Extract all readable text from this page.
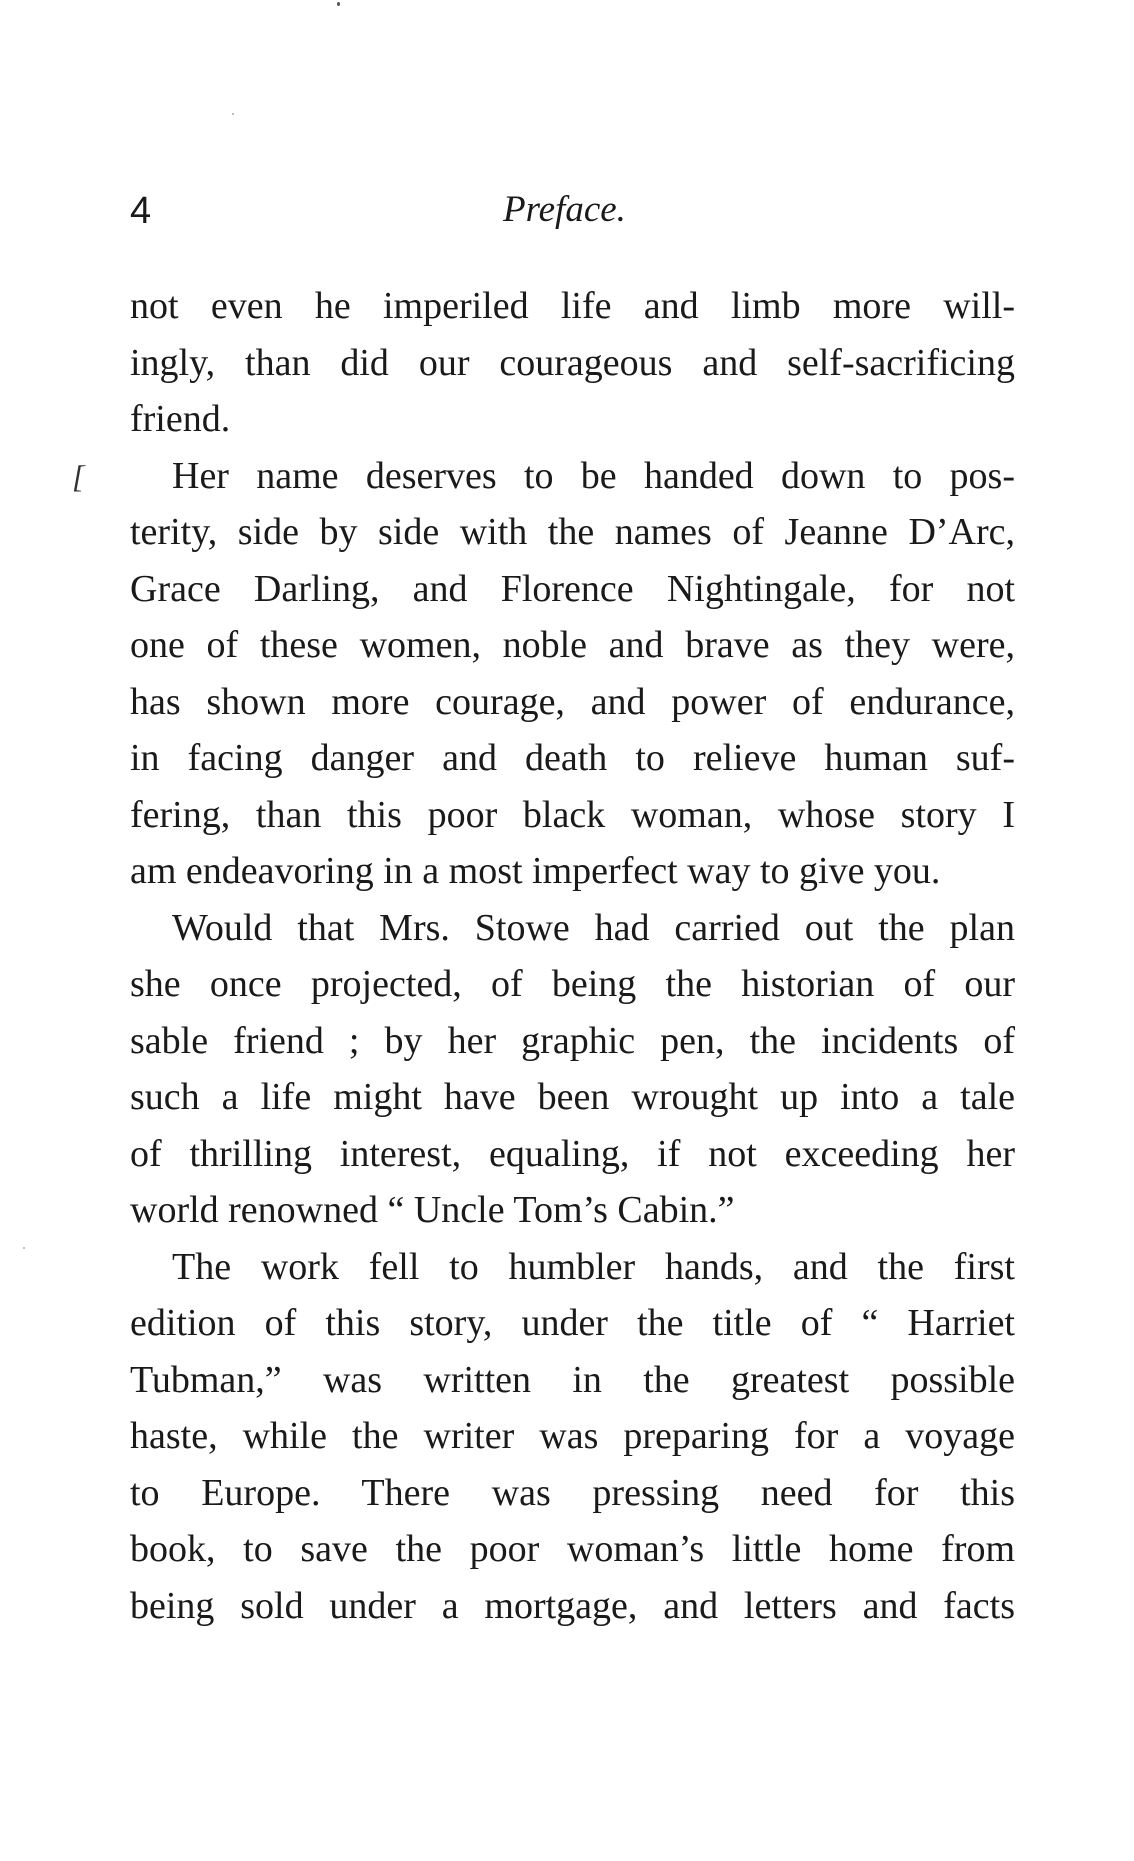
4	Preface.
[
not even he imperiled life and limb more will-
ingly, than did our courageous and self-sacrificing
friend.
Her name deserves to be handed down to pos-
terity, side by side with the names of Jeanne D’Arc,
Grace Darling, and Florence Nightingale, for not
one of these women, noble and brave as they were,
has shown more courage, and power of endurance,
in facing danger and death to relieve human suf-
fering, than this poor black woman, whose story I
am endeavoring in a most imperfect way to give you.
Would that Mrs. Stowe had carried out the plan
she once projected, of being the historian of our
sable friend ; by her graphic pen, the incidents of
such a life might have been wrought up into a tale
of thrilling interest, equaling, if not exceeding her
world renowned “ Uncle Tom’s Cabin.”
The work fell to humbler hands, and the first
edition of this story, under the title of “ Harriet
Tubman,” was written in the greatest possible
haste, while the writer was preparing for a voyage
to Europe. There was pressing need for this
book, to save the poor woman’s little home from
being sold under a mortgage, and letters and facts
